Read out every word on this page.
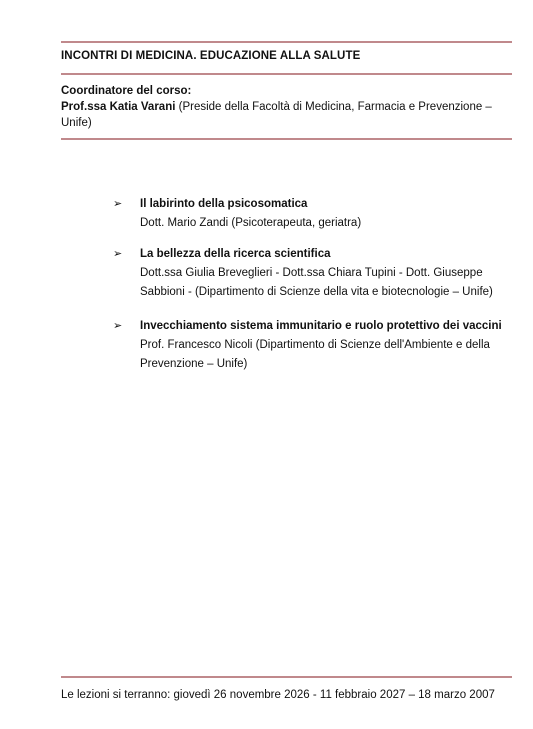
INCONTRI DI MEDICINA. EDUCAZIONE ALLA SALUTE
Coordinatore del corso:
Prof.ssa Katia Varani (Preside della Facoltà di Medicina, Farmacia e Prevenzione – Unife)
➢	Il labirinto della psicosomatica
Dott. Mario Zandi (Psicoterapeuta, geriatra)
➢	La bellezza della ricerca scientifica
Dott.ssa Giulia Breveglieri - Dott.ssa Chiara Tupini - Dott. Giuseppe Sabbioni - (Dipartimento di Scienze della vita e biotecnologie – Unife)
➢	Invecchiamento sistema immunitario e ruolo protettivo dei vaccini
Prof. Francesco Nicoli (Dipartimento di Scienze dell'Ambiente e della Prevenzione – Unife)
Le lezioni si terranno: giovedì 26 novembre 2026 - 11 febbraio 2027 – 18 marzo 2007
